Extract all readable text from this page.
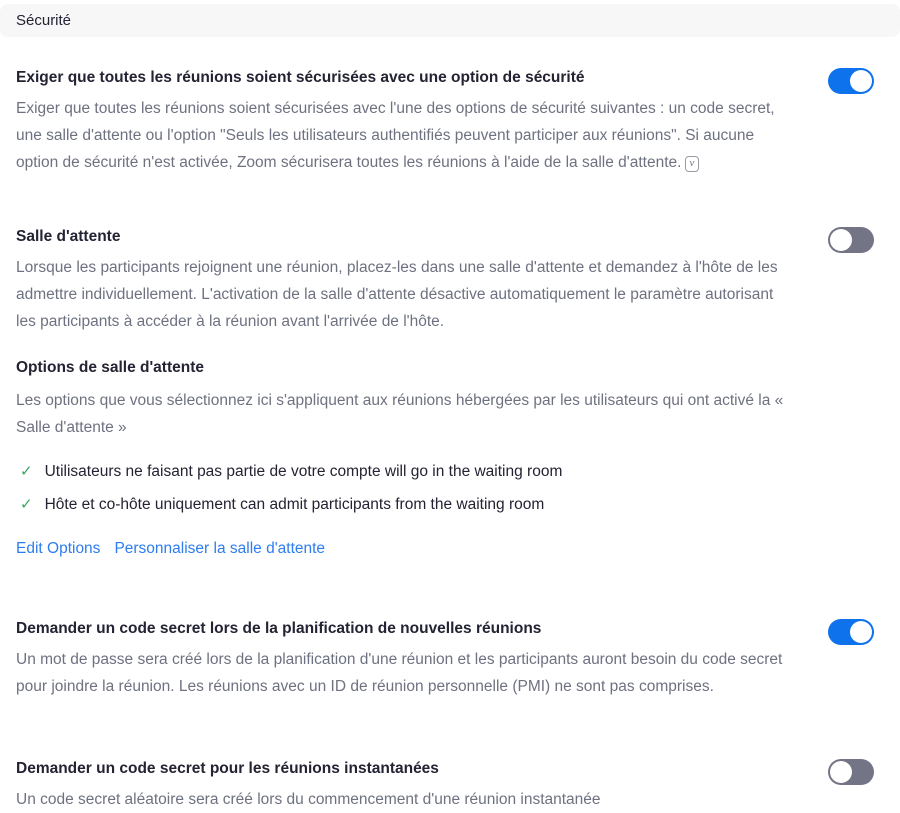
Sécurité

Exiger que toutes les réunions soient sécurisées avec une option de sécurité

Exiger que toutes les réunions soient sécurisées avec l'une des options de sécurité suivantes : un code secret, une salle d'attente ou l'option "Seuls les utilisateurs authentifiés peuvent participer aux réunions". Si aucune option de sécurité n'est activée, Zoom sécurisera toutes les réunions à l'aide de la salle d'attente. v

Salle d'attente

Lorsque les participants rejoignent une réunion, placez-les dans une salle d'attente et demandez à l'hôte de les admettre individuellement. L'activation de la salle d'attente désactive automatiquement le paramètre autorisant les participants à accéder à la réunion avant l'arrivée de l'hôte.

Options de salle d'attente

Les options que vous sélectionnez ici s'appliquent aux réunions hébergées par les utilisateurs qui ont activé la « Salle d'attente »

✓ Utilisateurs ne faisant pas partie de votre compte will go in the waiting room
✓ Hôte et co-hôte uniquement can admit participants from the waiting room
Edit Options Personnaliser la salle d'attente

Demander un code secret lors de la planification de nouvelles réunions

Un mot de passe sera créé lors de la planification d'une réunion et les participants auront besoin du code secret pour joindre la réunion. Les réunions avec un ID de réunion personnelle (PMI) ne sont pas comprises.

Demander un code secret pour les réunions instantanées

Un code secret aléatoire sera créé lors du commencement d'une réunion instantanée
